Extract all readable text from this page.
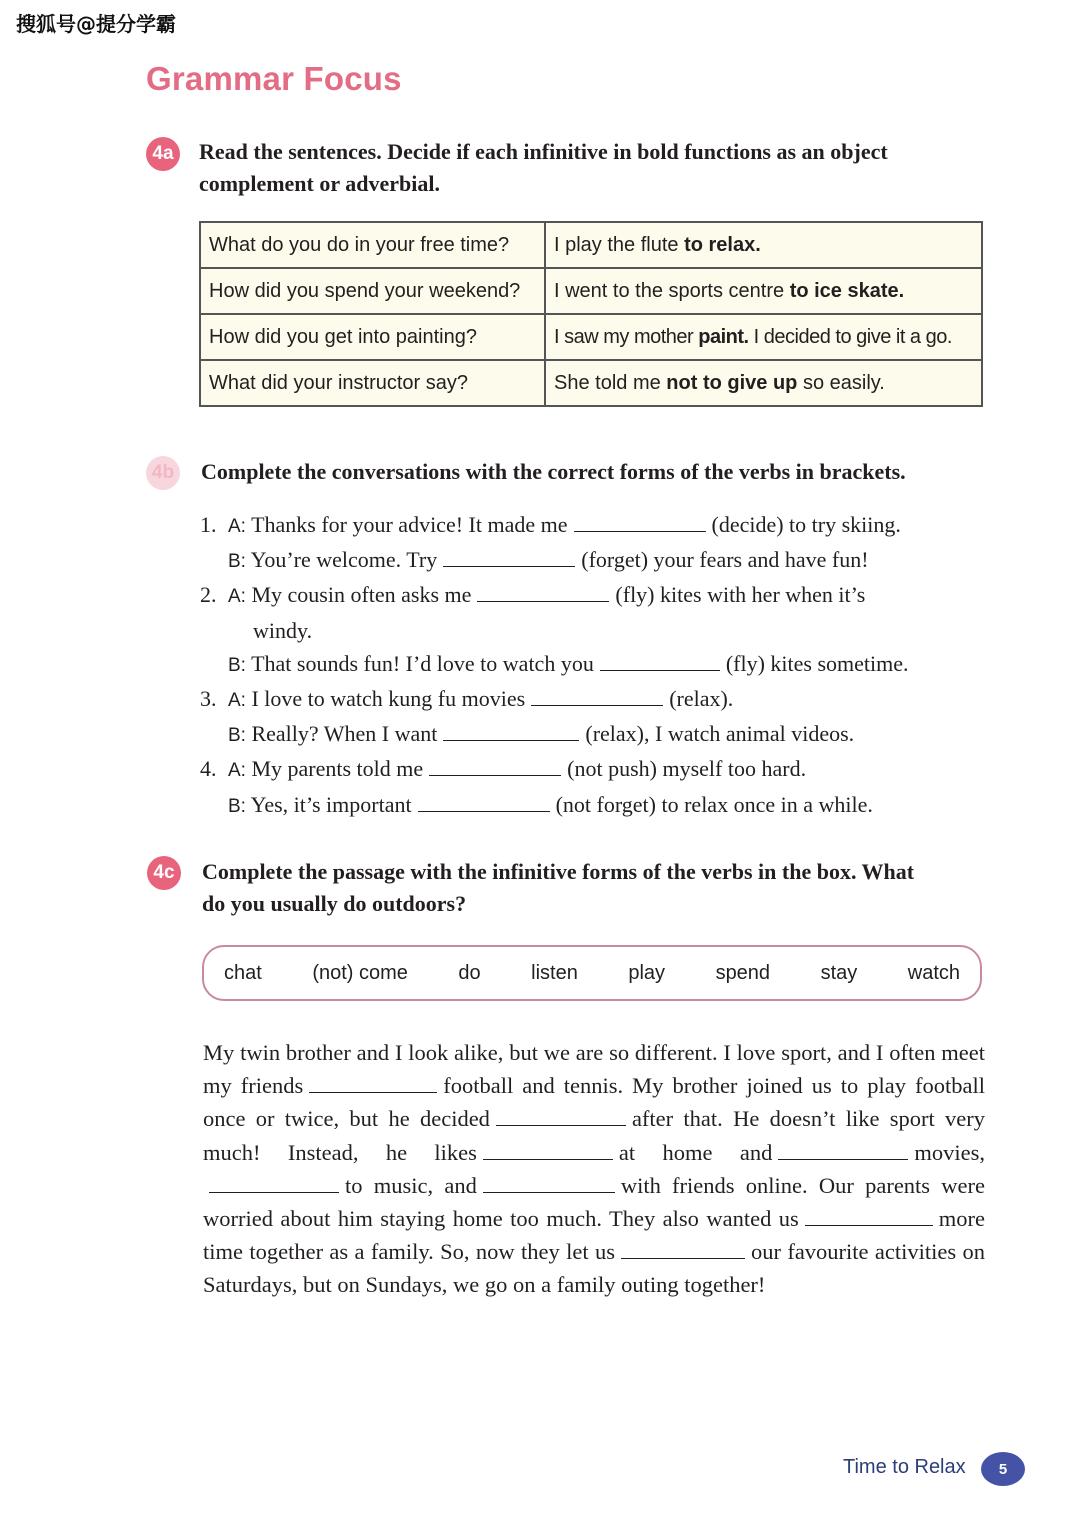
搜狐号@提分学霸
Grammar Focus
4a Read the sentences. Decide if each infinitive in bold functions as an object
complement or adverbial.
What do you do in your free time?	I play the flute to relax.
How did you spend your weekend?	I went to the sports centre to ice skate.
How did you get into painting?	I saw my mother paint. I decided to give it a go.
What did your instructor say?	She told me not to give up so easily.
4b Complete the conversations with the correct forms of the verbs in brackets.
1. A: Thanks for your advice! It made me	(decide) to try skiing.
B: You’re welcome. Try	(forget) your fears and have fun!
2. A: My cousin often asks me	(fly) kites with her when it’s
windy.
B: That sounds fun! I’d love to watch you	(fly) kites sometime.
3. A: I love to watch kung fu movies	(relax).
B: Really? When I want	(relax), I watch animal videos.
4. A: My parents told me	(not push) myself too hard.
B: Yes, it’s important	(not forget) to relax once in a while.
4c Complete the passage with the infinitive forms of the verbs in the box. What
do you usually do outdoors?
chat	(not) come	do	listen	play	spend	stay	watch
My twin brother and I look alike, but we are so different. I love sport, and I often meet my friends	football and tennis. My brother joined us to play football once or twice, but he decided	after that. He doesn’t like sport very much! Instead, he likes	at home and	movies,to music, and	with friends online. Our parents were worried about him staying home too much. They also wanted us	more time together as a family. So, now they let us	our favourite activities on Saturdays, but on Sundays, we go on a family outing together!
Time to Relax	5
